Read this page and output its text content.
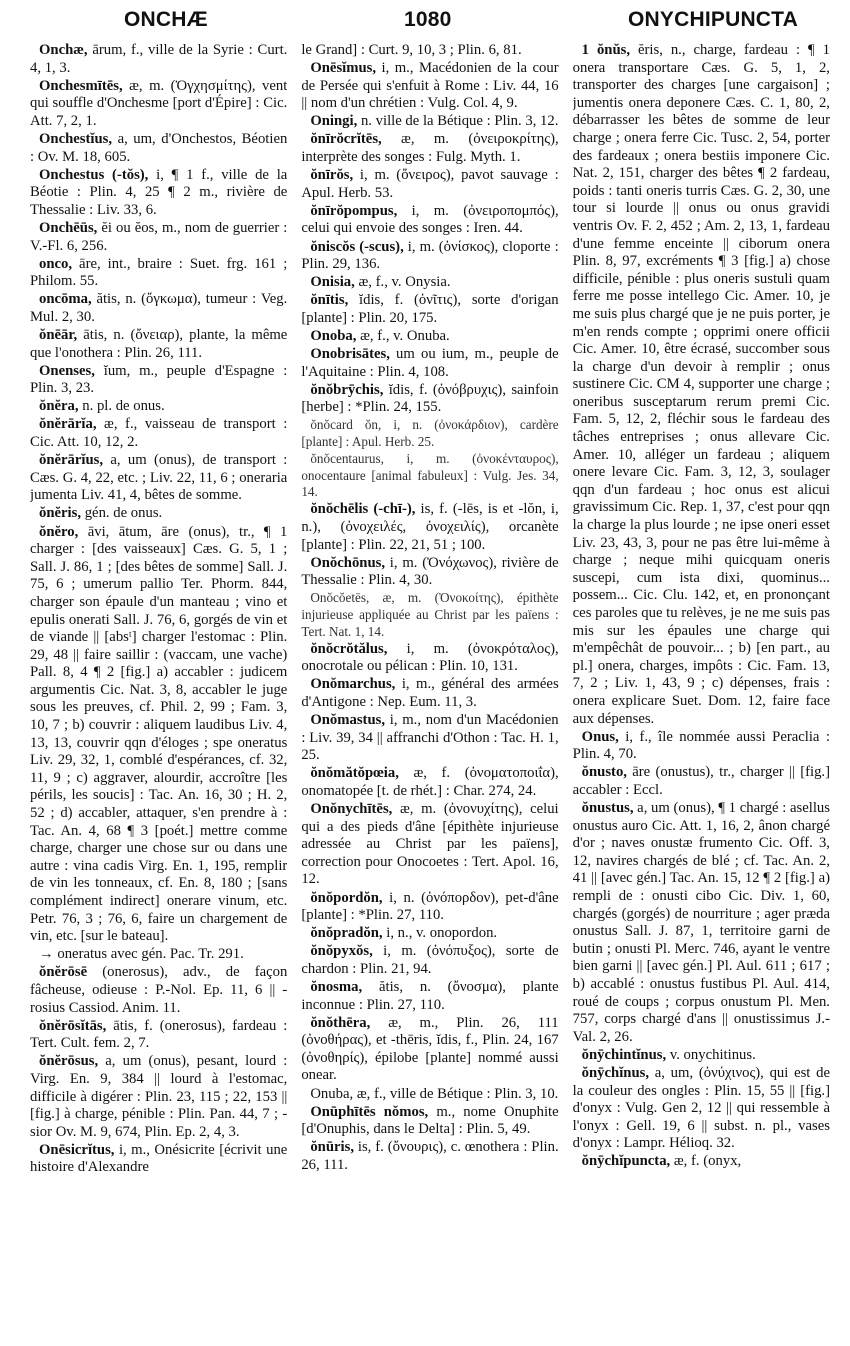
ONCHÆ	1080	ONYCHIPUNCTA

Onchæ, ārum, f., ville de la Syrie : Curt. 4, 1, 3.

Onchesmītēs, æ, m. (Ὀγχησμίτης), vent qui souffle d'Onchesme [port d'Épire] : Cic. Att. 7, 2, 1.

Onchestĭus, a, um, d'Onchestos, Béotien : Ov. M. 18, 605.

Onchestus (-tŏs), i, ¶ 1 f., ville de la Béotie : Plin. 4, 25 ¶ 2 m., rivière de Thessalie : Liv. 33, 6.

Onchēūs, ĕi ou ĕos, m., nom de guerrier : V.-Fl. 6, 256.

onco, āre, int., braire : Suet. frg. 161 ; Philom. 55.

oncōma, ătis, n. (ὄγκωμα), tumeur : Veg. Mul. 2, 30.

ŏnēār, ātis, n. (ὄνειαρ), plante, la même que l'onothera : Plin. 26, 111.

Onenses, ĭum, m., peuple d'Espagne : Plin. 3, 23.

ŏnĕra, n. pl. de onus.

ŏnĕrārĭa, æ, f., vaisseau de transport : Cic. Att. 10, 12, 2.

ŏnĕrārĭus, a, um (onus), de transport : Cæs. G. 4, 22, etc. ; Liv. 22, 11, 6 ; oneraria jumenta Liv. 41, 4, bêtes de somme.

ŏnĕris, gén. de onus.

ŏnĕro, āvi, ātum, āre (onus), tr., ¶ 1 charger : [des vaisseaux] Cæs. G. 5, 1 ; Sall. J. 86, 1 ; [des bêtes de somme] Sall. J. 75, 6 ; umerum pallio Ter. Phorm. 844, charger son épaule d'un manteau ; vino et epulis onerati Sall. J. 76, 6, gorgés de vin et de viande || [absᵗ] charger l'estomac : Plin. 29, 48 || faire saillir : (vaccam, une vache) Pall. 8, 4 ¶ 2 [fig.] a) accabler : judicem argumentis Cic. Nat. 3, 8, accabler le juge sous les preuves, cf. Phil. 2, 99 ; Fam. 3, 10, 7 ; b) couvrir : aliquem laudibus Liv. 4, 13, 13, couvrir qqn d'éloges ; spe oneratus Liv. 29, 32, 1, comblé d'espérances, cf. 32, 11, 9 ; c) aggraver, alourdir, accroître [les périls, les soucis] : Tac. An. 16, 30 ; H. 2, 52 ; d) accabler, attaquer, s'en prendre à : Tac. An. 4, 68 ¶ 3 [poét.] mettre comme charge, charger une chose sur ou dans une autre : vina cadis Virg. En. 1, 195, remplir de vin les tonneaux, cf. En. 8, 180 ; [sans complément indirect] onerare vinum, etc. Petr. 76, 3 ; 76, 6, faire un chargement de vin, etc. [sur le bateau].

→ oneratus avec gén. Pac. Tr. 291.

ŏnĕrōsē (onerosus), adv., de façon fâcheuse, odieuse : P.-Nol. Ep. 11, 6 || -rosius Cassiod. Anim. 11.

ŏnĕrōsĭtās, ātis, f. (onerosus), fardeau : Tert. Cult. fem. 2, 7.

ŏnĕrōsus, a, um (onus), pesant, lourd : Virg. En. 9, 384 || lourd à l'estomac, difficile à digérer : Plin. 23, 115 ; 22, 153 || [fig.] à charge, pénible : Plin. Pan. 44, 7 ; -sior Ov. M. 9, 674, Plin. Ep. 2, 4, 3.

Onēsicrĭtus, i, m., Onésicrite [écrivit une histoire d'Alexandre

le Grand] : Curt. 9, 10, 3 ; Plin. 6, 81.

Onēsĭmus, i, m., Macédonien de la cour de Persée qui s'enfuit à Rome : Liv. 44, 16 || nom d'un chrétien : Vulg. Col. 4, 9.

Oningi, n. ville de la Bétique : Plin. 3, 12.

ŏnīrŏcrĭtēs, æ, m. (ὀνειροκρίτης), interprète des songes : Fulg. Myth. 1.

ŏnīrŏs, i, m. (ὄνειρος), pavot sauvage : Apul. Herb. 53.

ŏnīrŏpompus, i, m. (ὀνειροπομπός), celui qui envoie des songes : Iren. 44.

ŏniscŏs (-scus), i, m. (ὀνίσκος), cloporte : Plin. 29, 136.

Onisia, æ, f., v. Onysia.

ŏnītis, ĭdis, f. (ὀνῖτις), sorte d'origan [plante] : Plin. 20, 175.

Onoba, æ, f., v. Onuba.

Onobrisātes, um ou ium, m., peuple de l'Aquitaine : Plin. 4, 108.

ŏnŏbrȳchis, ĭdis, f. (ὀνόβρυχις), sainfoin [herbe] : *Plin. 24, 155.

ŏnŏcard ŏn, i, n. (ὀνοκάρδιον), cardère [plante] : Apul. Herb. 25.

ŏnŏcentaurus, i, m. (ὀνοκένταυρος), onocentaure [animal fabuleux] : Vulg. Jes. 34, 14.

ŏnŏchēlis (-chī-), is, f. (-lēs, is et -lŏn, i, n.), (ὀνοχειλές, ὀνοχειλίς), orcanète [plante] : Plin. 22, 21, 51 ; 100.

Onŏchōnus, i, m. (Ὀνόχωνος), rivière de Thessalie : Plin. 4, 30.

Onŏcŏetēs, æ, m. (Ὀνοκοίτης), épithète injurieuse appliquée au Christ par les païens : Tert. Nat. 1, 14.

ŏnŏcrŏtălus, i, m. (ὀνοκρόταλος), onocrotale ou pélican : Plin. 10, 131.

Onŏmarchus, i, m., général des armées d'Antigone : Nep. Eum. 11, 3.

Onŏmastus, i, m., nom d'un Macédonien : Liv. 39, 34 || affranchi d'Othon : Tac. H. 1, 25.

ŏnŏmătŏpœia, æ, f. (ὀνοματοποιΐα), onomatopée [t. de rhét.] : Char. 274, 24.

Onŏnychītēs, æ, m. (ὀνονυχίτης), celui qui a des pieds d'âne [épithète injurieuse adressée au Christ par les païens], correction pour Onocoetes : Tert. Apol. 16, 12.

ŏnŏpordŏn, i, n. (ὀνόπορδον), pet-d'âne [plante] : *Plin. 27, 110.

ŏnŏpradŏn, i, n., v. onopordon.

ŏnŏpyxŏs, i, m. (ὀνόπυξος), sorte de chardon : Plin. 21, 94.

ŏnosma, ătis, n. (ὄνοσμα), plante inconnue : Plin. 27, 110.

ŏnŏthēra, æ, m., Plin. 26, 111 (ὀνοθήρας), et -thēris, ĭdis, f., Plin. 24, 167 (ὀνοθηρίς), épilobe [plante] nommé aussi onear.

Onuba, æ, f., ville de Bétique : Plin. 3, 10.

Onūphītēs nŏmos, m., nome Onuphite [d'Onuphis, dans le Delta] : Plin. 5, 49.

ŏnūris, is, f. (ὄνουρις), c. œnothera : Plin. 26, 111.

1 ŏnŭs, ĕris, n., charge, fardeau : ¶ 1 onera transportare Cæs. G. 5, 1, 2, transporter des charges [une cargaison] ; jumentis onera deponere Cæs. C. 1, 80, 2, débarrasser les bêtes de somme de leur charge ; onera ferre Cic. Tusc. 2, 54, porter des fardeaux ; onera bestiis imponere Cic. Nat. 2, 151, charger des bêtes ¶ 2 fardeau, poids : tanti oneris turris Cæs. G. 2, 30, une tour si lourde || onus ou onus gravidi ventris Ov. F. 2, 452 ; Am. 2, 13, 1, fardeau d'une femme enceinte || ciborum onera Plin. 8, 97, excréments ¶ 3 [fig.] a) chose difficile, pénible : plus oneris sustuli quam ferre me posse intellego Cic. Amer. 10, je me suis plus chargé que je ne puis porter, je m'en rends compte ; opprimi onere officii Cic. Amer. 10, être écrasé, succomber sous la charge d'un devoir à remplir ; onus sustinere Cic. CM 4, supporter une charge ; oneribus susceptarum rerum premi Cic. Fam. 5, 12, 2, fléchir sous le fardeau des tâches entreprises ; onus allevare Cic. Amer. 10, alléger un fardeau ; aliquem onere levare Cic. Fam. 3, 12, 3, soulager qqn d'un fardeau ; hoc onus est alicui gravissimum Cic. Rep. 1, 37, c'est pour qqn la charge la plus lourde ; ne ipse oneri esset Liv. 23, 43, 3, pour ne pas être lui-même à charge ; neque mihi quicquam oneris suscepi, cum ista dixi, quominus... possem... Cic. Clu. 142, et, en prononçant ces paroles que tu relèves, je ne me suis pas mis sur les épaules une charge qui m'empêchât de pouvoir... ; b) [en part., au pl.] onera, charges, impôts : Cic. Fam. 13, 7, 2 ; Liv. 1, 43, 9 ; c) dépenses, frais : onera explicare Suet. Dom. 12, faire face aux dépenses.

Onus, i, f., île nommée aussi Peraclia : Plin. 4, 70.

ŏnusto, āre (onustus), tr., charger || [fig.] accabler : Eccl.

ŏnustus, a, um (onus), ¶ 1 chargé : asellus onustus auro Cic. Att. 1, 16, 2, ânon chargé d'or ; naves onustæ frumento Cic. Off. 3, 12, navires chargés de blé ; cf. Tac. An. 2, 41 || [avec gén.] Tac. An. 15, 12 ¶ 2 [fig.] a) rempli de : onusti cibo Cic. Div. 1, 60, chargés (gorgés) de nourriture ; ager præda onustus Sall. J. 87, 1, territoire garni de butin ; onusti Pl. Merc. 746, ayant le ventre bien garni || [avec gén.] Pl. Aul. 611 ; 617 ; b) accablé : onustus fustibus Pl. Aul. 414, roué de coups ; corpus onustum Pl. Men. 757, corps chargé d'ans || onustissimus J.-Val. 2, 26.

ŏnȳchintĭnus, v. onychitinus.

ŏnȳchĭnus, a, um, (ὀνύχινος), qui est de la couleur des ongles : Plin. 15, 55 || [fig.] d'onyx : Vulg. Gen 2, 12 || qui ressemble à l'onyx : Gell. 19, 6 || subst. n. pl., vases d'onyx : Lampr. Hélioq. 32.

ŏnȳchĭpuncta, æ, f. (onyx,
